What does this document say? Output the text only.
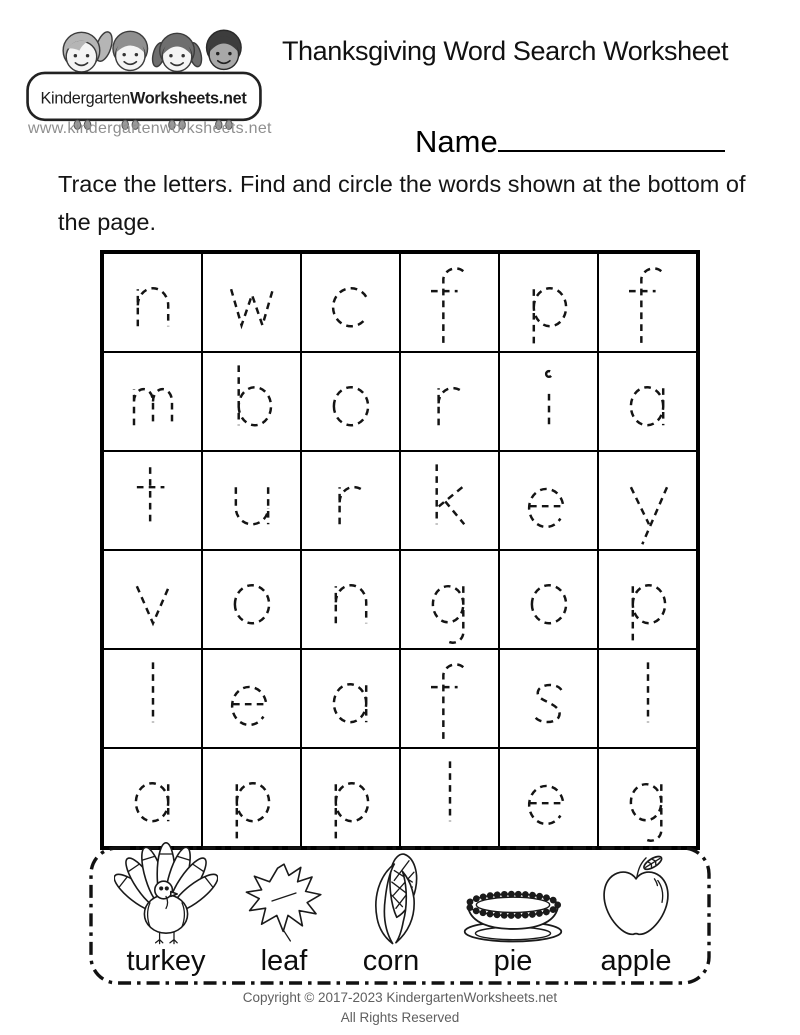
KindergartenWorksheets.net
www.kindergartenworksheets.net
Thanksgiving Word Search Worksheet
Name
Trace the letters. Find and circle the words shown at the bottom of the page.
turkey leaf corn	pie apple
Copyright © 2017-2023 KindergartenWorksheets.net
All Rights Reserved
